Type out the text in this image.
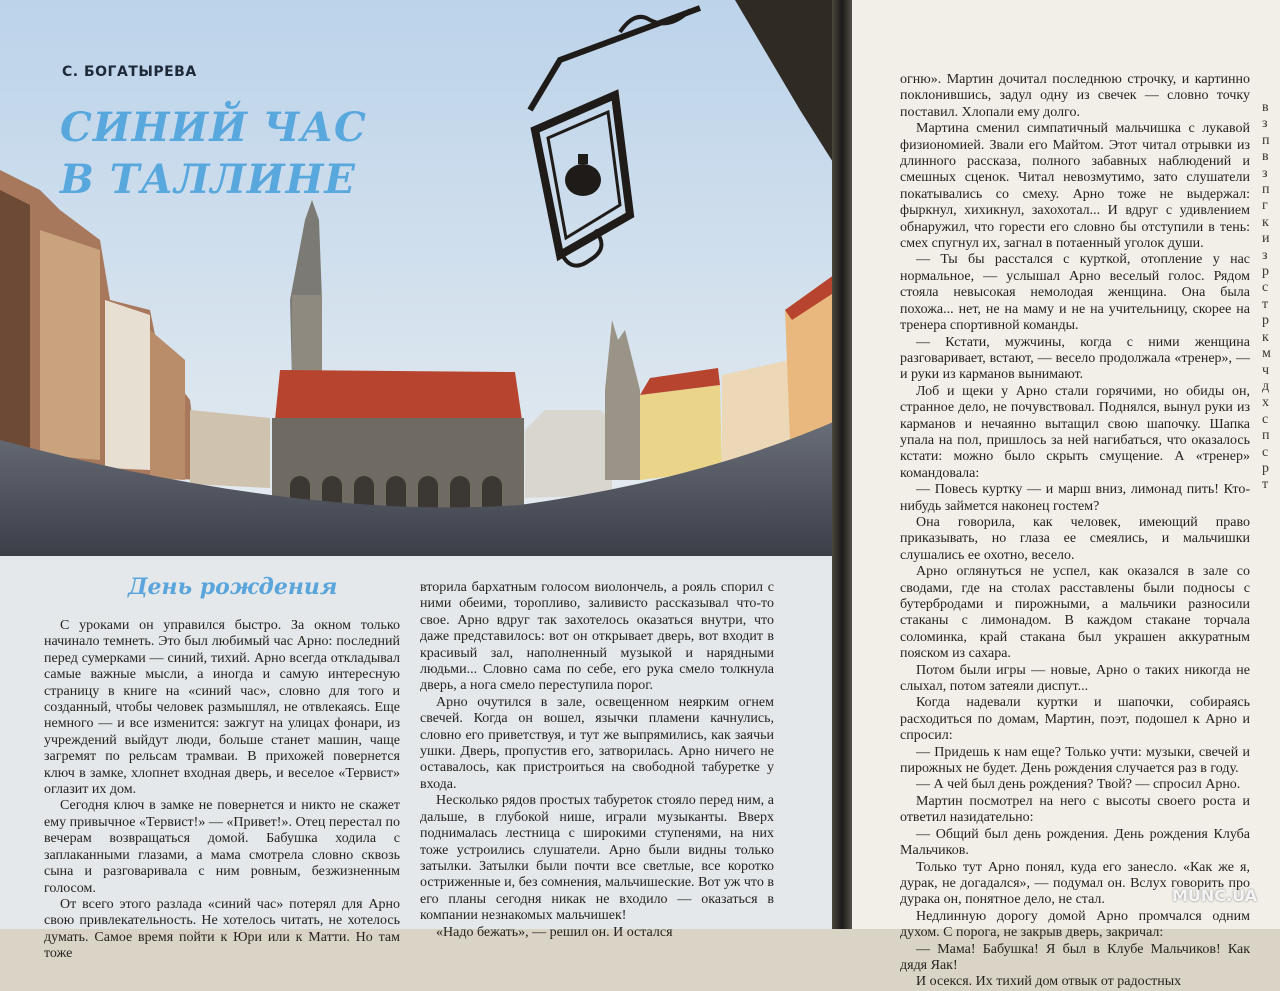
С. БОГАТЫРЕВА
СИНИЙ ЧАС
В ТАЛЛИНЕ
День рождения

С уроками он управился быстро. За окном только начинало темнеть. Это был любимый час Арно: последний перед сумерками — синий, тихий. Арно всегда откладывал самые важные мысли, а иногда и самую интересную страницу в книге на «синий час», словно для того и созданный, чтобы человек размышлял, не отвлекаясь. Еще немного — и все изменится: зажгут на улицах фонари, из учреждений выйдут люди, больше станет машин, чаще загремят по рельсам трамваи. В прихожей повернется ключ в замке, хлопнет входная дверь, и веселое «Тервист» оглазит их дом.

Сегодня ключ в замке не повернется и никто не скажет ему привычное «Тервист!» — «Привет!». Отец перестал по вечерам возвращаться домой. Бабушка ходила с заплаканными глазами, а мама смотрела словно сквозь сына и разговаривала с ним ровным, безжизненным голосом.

От всего этого разлада «синий час» потерял для Арно свою привлекательность. Не хотелось читать, не хотелось думать. Самое время пойти к Юри или к Матти. Но там тоже

вторила бархатным голосом виолончель, а рояль спорил с ними обеими, торопливо, заливисто рассказывал что-то свое. Арно вдруг так захотелось оказаться внутри, что даже представилось: вот он открывает дверь, вот входит в красивый зал, наполненный музыкой и нарядными людьми... Словно сама по себе, его рука смело толкнула дверь, а нога смело переступила порог.

Арно очутился в зале, освещенном неярким огнем свечей. Когда он вошел, язычки пламени качнулись, словно его приветствуя, и тут же выпрямились, как заячьи ушки. Дверь, пропустив его, затворилась. Арно ничего не оставалось, как пристроиться на свободной табуретке у входа.

Несколько рядов простых табуреток стояло перед ним, а дальше, в глубокой нише, играли музыканты. Вверх поднималась лестница с широкими ступенями, на них тоже устроились слушатели. Арно были видны только затылки. Затылки были почти все светлые, все коротко остриженные и, без сомнения, мальчишеские. Вот уж что в его планы сегодня никак не входило — оказаться в компании незнакомых мальчишек!

«Надо бежать», — решил он. И остался

огню». Мартин дочитал последнюю строчку, и картинно поклонившись, задул одну из свечек — словно точку поставил. Хлопали ему долго.

Мартина сменил симпатичный мальчишка с лукавой физиономией. Звали его Майтом. Этот читал отрывки из длинного рассказа, полного забавных наблюдений и смешных сценок. Читал невозмутимо, зато слушатели покатывались со смеху. Арно тоже не выдержал: фыркнул, хихикнул, захохотал... И вдруг с удивлением обнаружил, что горести его словно бы отступили в тень: смех спугнул их, загнал в потаенный уголок души.

— Ты бы расстался с курткой, отопление у нас нормальное, — услышал Арно веселый голос. Рядом стояла невысокая немолодая женщина. Она была похожа... нет, не на маму и не на учительницу, скорее на тренера спортивной команды.

— Кстати, мужчины, когда с ними женщина разговаривает, встают, — весело продолжала «тренер», — и руки из карманов вынимают.

Лоб и щеки у Арно стали горячими, но обиды он, странное дело, не почувствовал. Поднялся, вынул руки из карманов и нечаянно вытащил свою шапочку. Шапка упала на пол, пришлось за ней нагибаться, что оказалось кстати: можно было скрыть смущение. А «тренер» командовала:

— Повесь куртку — и марш вниз, лимонад пить! Кто-нибудь займется наконец гостем?

Она говорила, как человек, имеющий право приказывать, но глаза ее смеялись, и мальчишки слушались ее охотно, весело.

Арно оглянуться не успел, как оказался в зале со сводами, где на столах расставлены были подносы с бутербродами и пирожными, а мальчики разносили стаканы с лимонадом. В каждом стакане торчала соломинка, край стакана был украшен аккуратным пояском из сахара.

Потом были игры — новые, Арно о таких никогда не слыхал, потом затеяли диспут...

Когда надевали куртки и шапочки, собираясь расходиться по домам, Мартин, поэт, подошел к Арно и спросил:

— Придешь к нам еще? Только учти: музыки, свечей и пирожных не будет. День рождения случается раз в году.

— А чей был день рождения? Твой? — спросил Арно.

Мартин посмотрел на него с высоты своего роста и ответил назидательно:

— Общий был день рождения. День рождения Клуба Мальчиков.

Только тут Арно понял, куда его занесло. «Как же я, дурак, не догадался», — подумал он. Вслух говорить про дурака он, понятное дело, не стал.

Недлинную дорогу домой Арно промчался одним духом. С порога, не закрыв дверь, закричал:

— Мама! Бабушка! Я был в Клубе Мальчиков! Как дядя Яак!

И осекся. Их тихий дом отвык от радостных

в
з
п
в
з
п
г
к
и
з
р
с
т
р
к
м
ч
д
х
с
п
с
р
т
MUNC.UA
